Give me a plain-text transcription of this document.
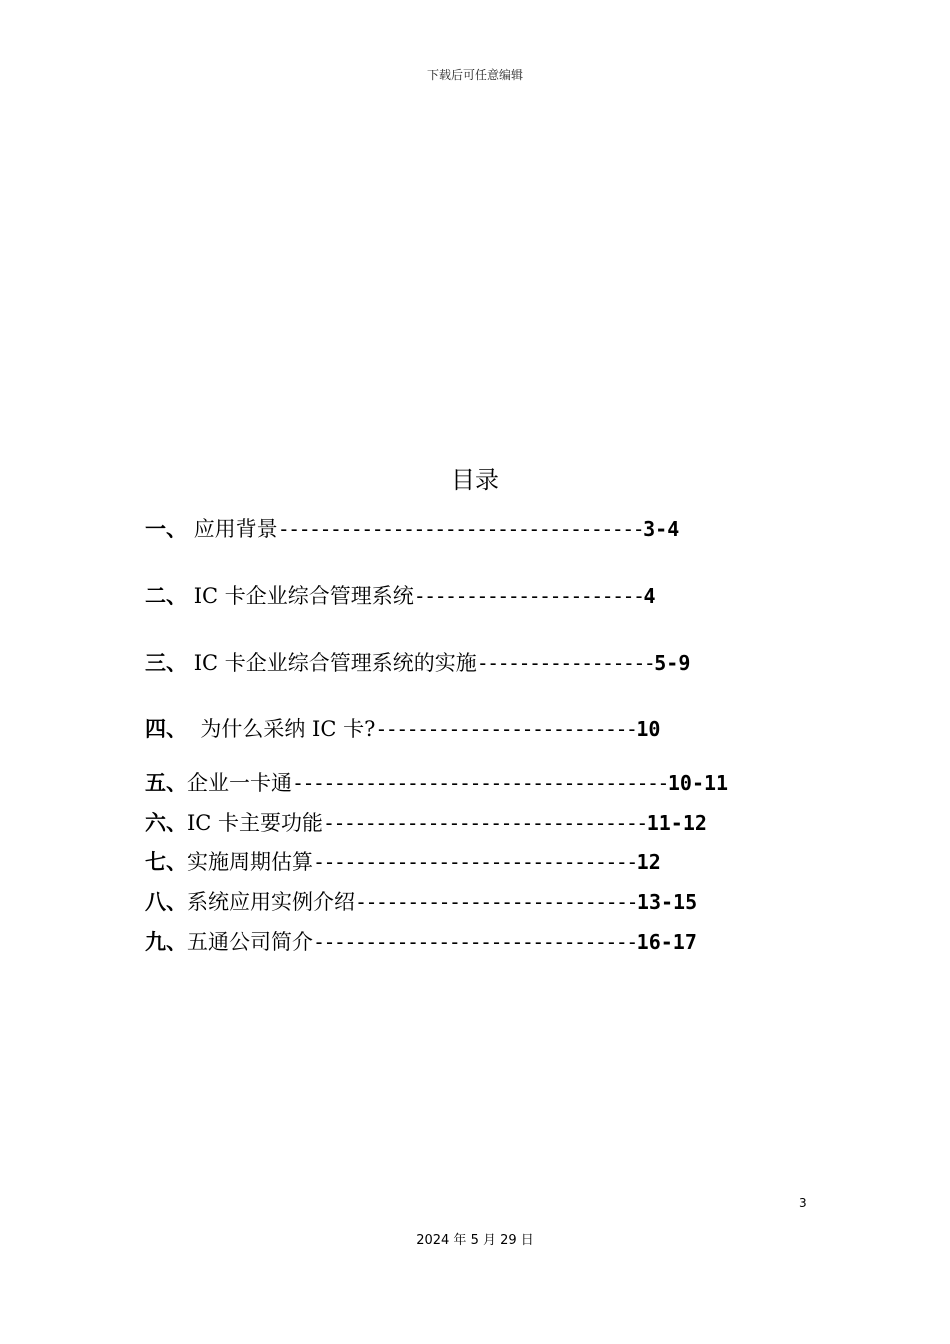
下载后可任意编辑
目录
一、 应用背景-----------------------------------3-4
二、 IC 卡企业综合管理系统----------------------4
三、 IC 卡企业综合管理系统的实施-----------------5-9
四、  为什么采纳 IC 卡?-------------------------10
五、企业一卡通------------------------------------10-11
六、IC 卡主要功能-------------------------------11-12
七、实施周期估算-------------------------------12
八、系统应用实例介绍---------------------------13-15
九、五通公司简介-------------------------------16-17
3
2024 年 5 月 29 日
